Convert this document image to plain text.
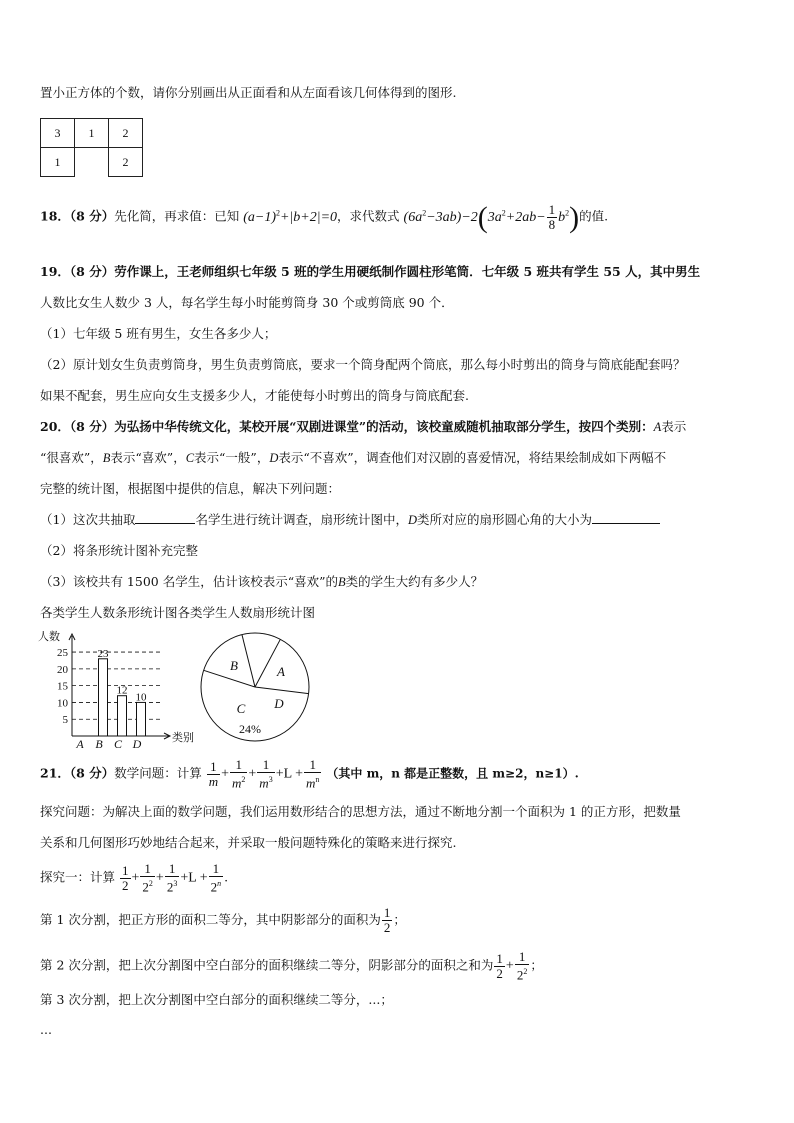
置小正方体的个数，请你分别画出从正面看和从左面看该几何体得到的图形.
3	1	2
1		2
18．（8 分）先化简，再求值：已知 $(a-1)^2+|b+2|=0$，求代数式 $(6a^2-3ab)-2(3a^2+2ab- \frac{1}{8} b^2)$的值.
19．（8 分）劳作课上，王老师组织七年级 5 班的学生用硬纸制作圆柱形笔筒．七年级 5 班共有学生 55 人，其中男生
人数比女生人数少 3 人，每名学生每小时能剪筒身 30 个或剪筒底 90 个．
（1）七年级 5 班有男生，女生各多少人；
（2）原计划女生负责剪筒身，男生负责剪筒底，要求一个筒身配两个筒底，那么每小时剪出的筒身与筒底能配套吗？
如果不配套，男生应向女生支援多少人，才能使每小时剪出的筒身与筒底配套.
20．（8 分）为弘扬中华传统文化，某校开展“双剧进课堂”的活动，该校童威随机抽取部分学生，按四个类别：A表示
“很喜欢”，B表示“喜欢”，C表示“一般”，D表示“不喜欢”，调查他们对汉剧的喜爱情况，将结果绘制成如下两幅不
完整的统计图，根据图中提供的信息，解决下列问题：
（1）这次共抽取	名学生进行统计调查，扇形统计图中，D类所对应的扇形圆心角的大小为
（2）将条形统计图补充完整
（3）该校共有 1500 名学生，估计该校表示“喜欢”的B类的学生大约有多少人？
各类学生人数条形统计图各类学生人数扇形统计图
人数
类别
5
10
15
20
25
A B
23
C
12
D
10
A
B
C D
24%
21．（8 分）数学问题：计算 $\frac{1}{m} + \frac{1}{m^2} + \frac{1}{m^3} +L + \frac{1}{m^n}$ （其中 m，n 都是正整数，且 m≥2，n≥1）.
探究问题：为解决上面的数学问题，我们运用数形结合的思想方法，通过不断地分割一个面积为 1 的正方形，把数量
关系和几何图形巧妙地结合起来，并采取一般问题特殊化的策略来进行探究.
探究一：计算 $\frac{1}{2} + \frac{1}{2^2} + \frac{1}{2^3} +L + \frac{1}{2^n}$ .
第 1 次分割，把正方形的面积二等分，其中阴影部分的面积为 $\frac{1}{2}$ ；
第 2 次分割，把上次分割图中空白部分的面积继续二等分，阴影部分的面积之和为 $\frac{1}{2} + \frac{1}{2^2}$ ；
第 3 次分割，把上次分割图中空白部分的面积继续二等分，...；
...
